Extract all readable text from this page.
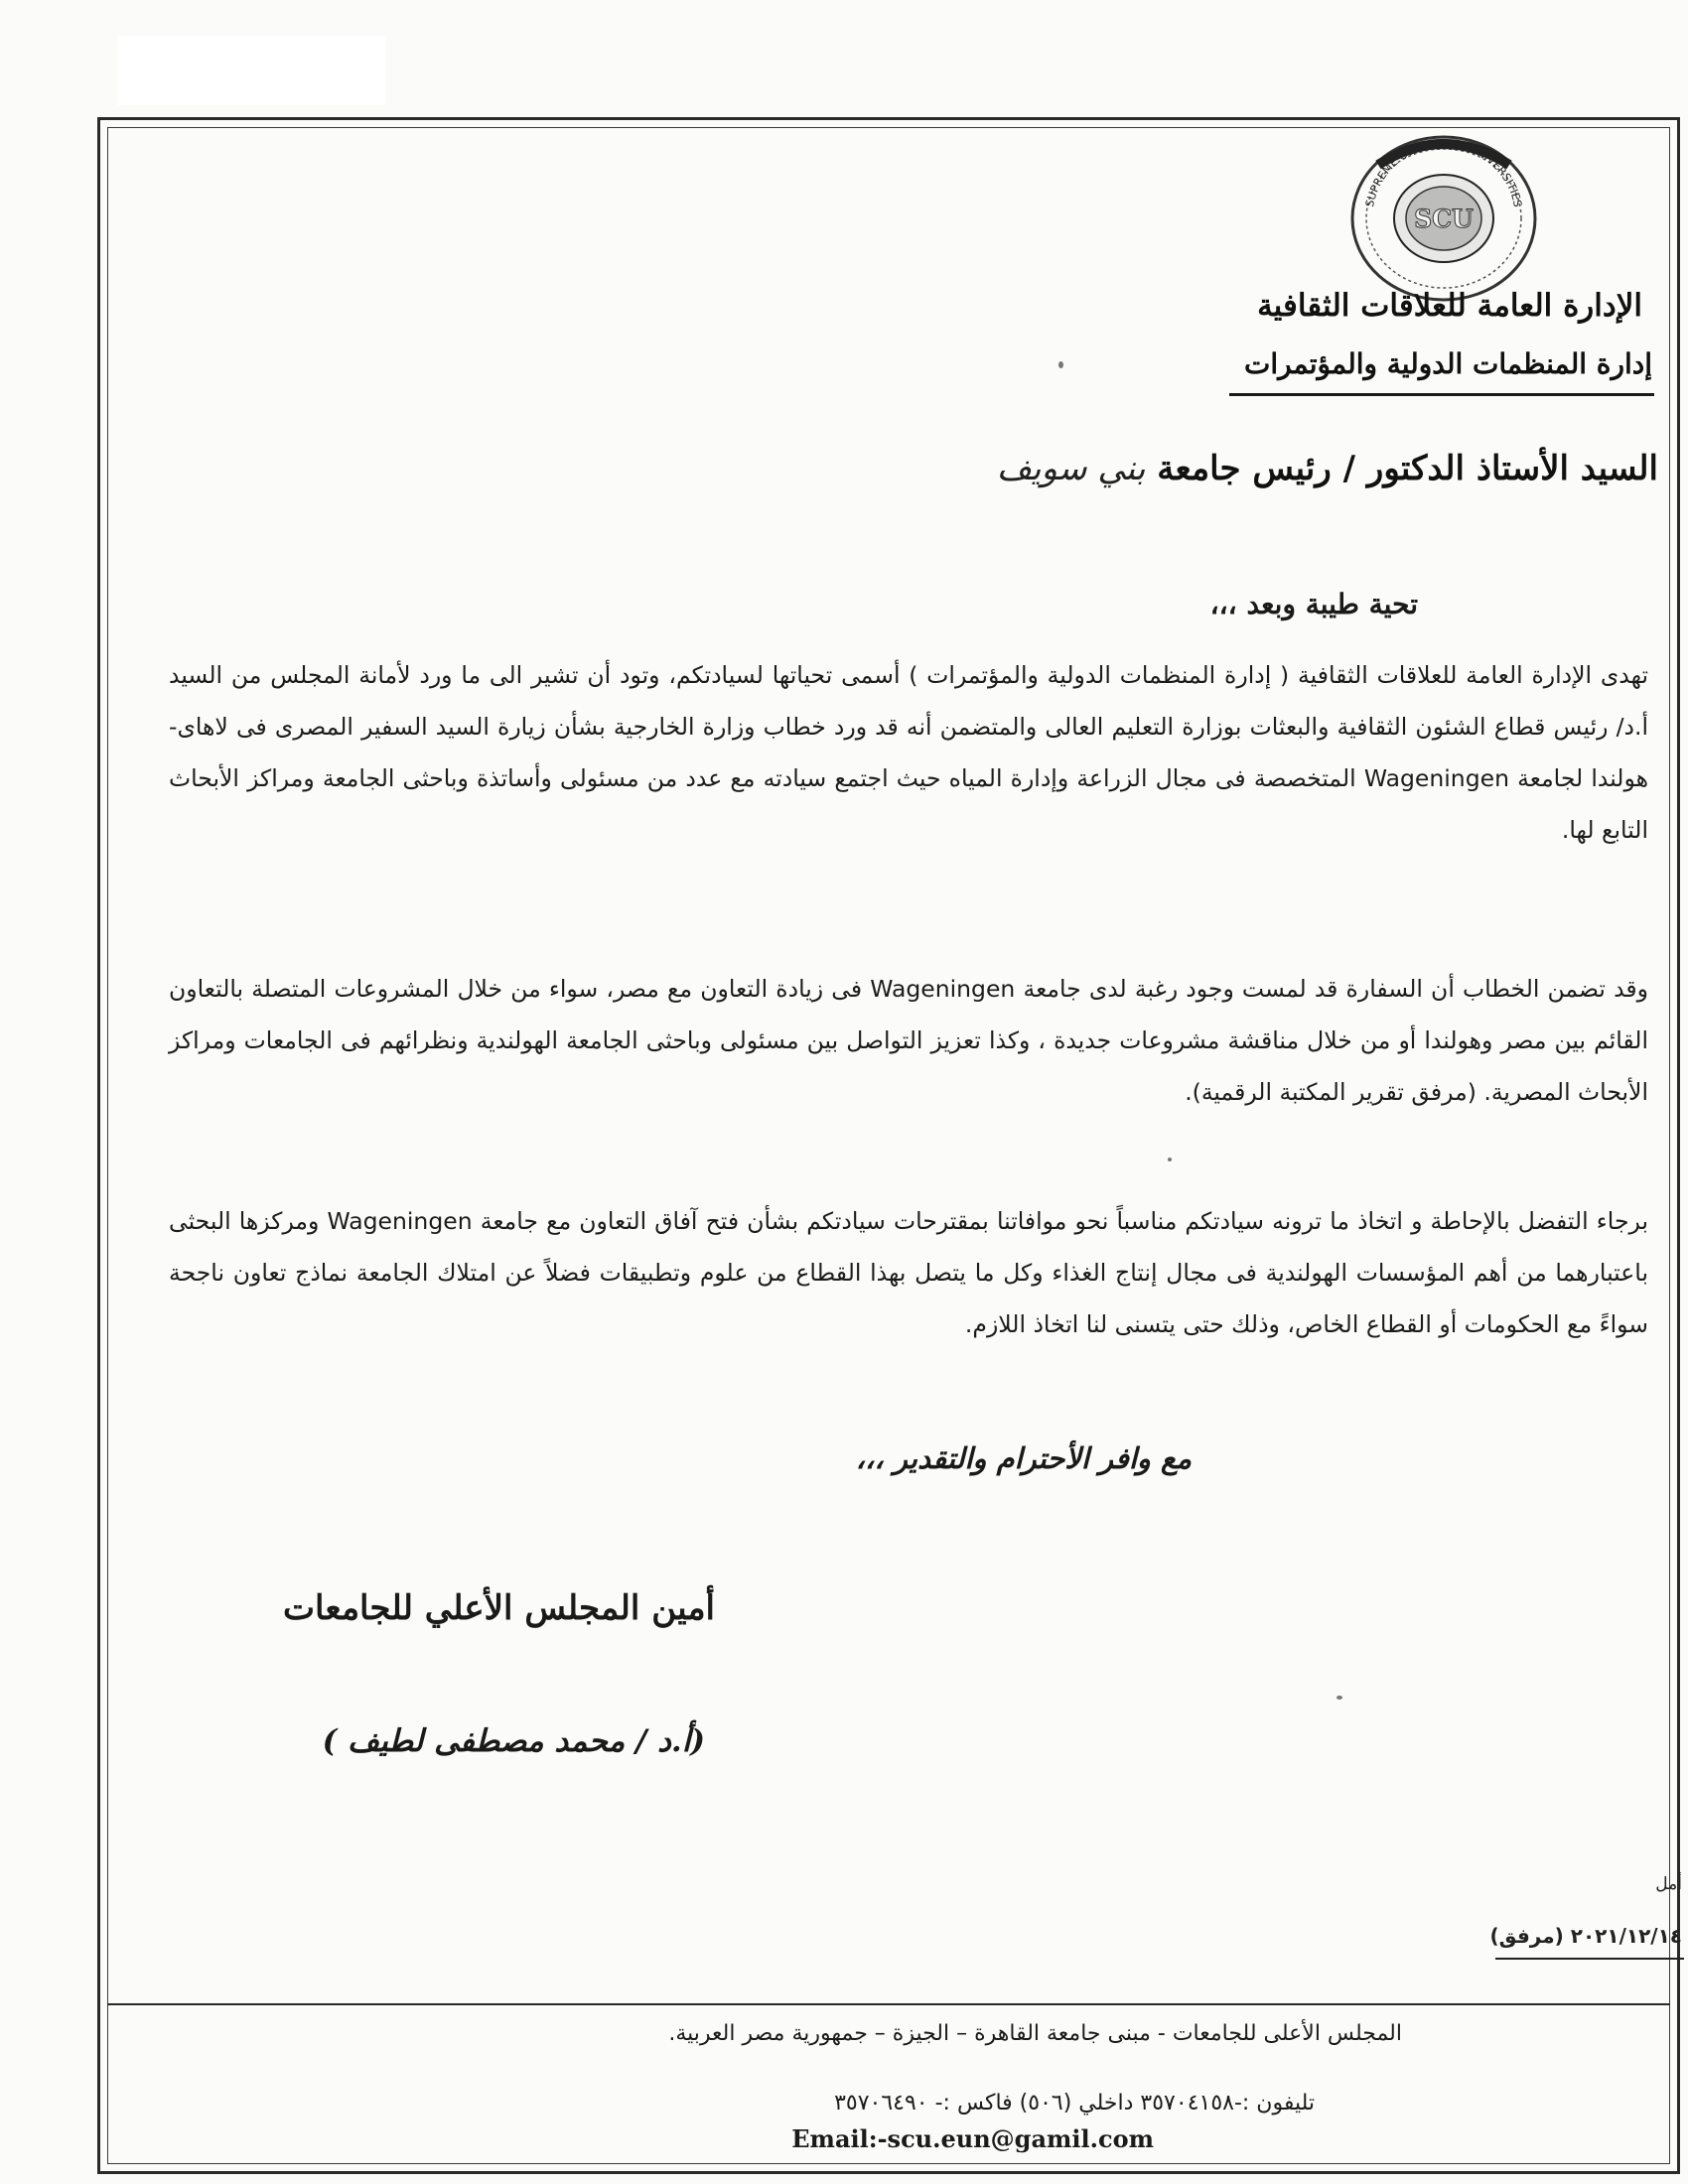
SCU
SUPREME COUNCIL OF UNIVERSITIES
الإدارة العامة للعلاقات الثقافية
إدارة المنظمات الدولية والمؤتمرات
السيد الأستاذ الدكتور / رئيس جامعة بني سويف
تحية طيبة وبعد ،،،
تهدى الإدارة العامة للعلاقات الثقافية ( إدارة المنظمات الدولية والمؤتمرات ) أسمى تحياتها لسيادتكم، وتود أن تشير الى ما ورد لأمانة المجلس من السيد أ.د/ رئيس قطاع الشئون الثقافية والبعثات بوزارة التعليم العالى والمتضمن أنه قد ورد خطاب وزارة الخارجية بشأن زيارة السيد السفير المصرى فى لاهاى-هولندا لجامعة Wageningen المتخصصة فى مجال الزراعة وإدارة المياه حيث اجتمع سيادته مع عدد من مسئولى وأساتذة وباحثى الجامعة ومراكز الأبحاث التابع لها.
وقد تضمن الخطاب أن السفارة قد لمست وجود رغبة لدى جامعة Wageningen فى زيادة التعاون مع مصر، سواء من خلال المشروعات المتصلة بالتعاون القائم بين مصر وهولندا أو من خلال مناقشة مشروعات جديدة ، وكذا تعزيز التواصل بين مسئولى وباحثى الجامعة الهولندية ونظرائهم فى الجامعات ومراكز الأبحاث المصرية. (مرفق تقرير المكتبة الرقمية).
برجاء التفضل بالإحاطة و اتخاذ ما ترونه سيادتكم مناسباً نحو موافاتنا بمقترحات سيادتكم بشأن فتح آفاق التعاون مع جامعة Wageningen ومركزها البحثى باعتبارهما من أهم المؤسسات الهولندية فى مجال إنتاج الغذاء وكل ما يتصل بهذا القطاع من علوم وتطبيقات فضلاً عن امتلاك الجامعة نماذج تعاون ناجحة سواءً مع الحكومات أو القطاع الخاص، وذلك حتى يتسنى لنا اتخاذ اللازم.
مع وافر الأحترام والتقدير ،،،
أمين المجلس الأعلي للجامعات
(أ.د / محمد مصطفى لطيف )
أمل
٢٠٢١/١٢/١٤ (مرفق)
المجلس الأعلى للجامعات - مبنى جامعة القاهرة – الجيزة – جمهورية مصر العربية.
تليفون :-٣٥٧٠٤١٥٨ داخلي (٥٠٦) فاكس :- ٣٥٧٠٦٤٩٠
Email:-scu.eun@gamil.com
